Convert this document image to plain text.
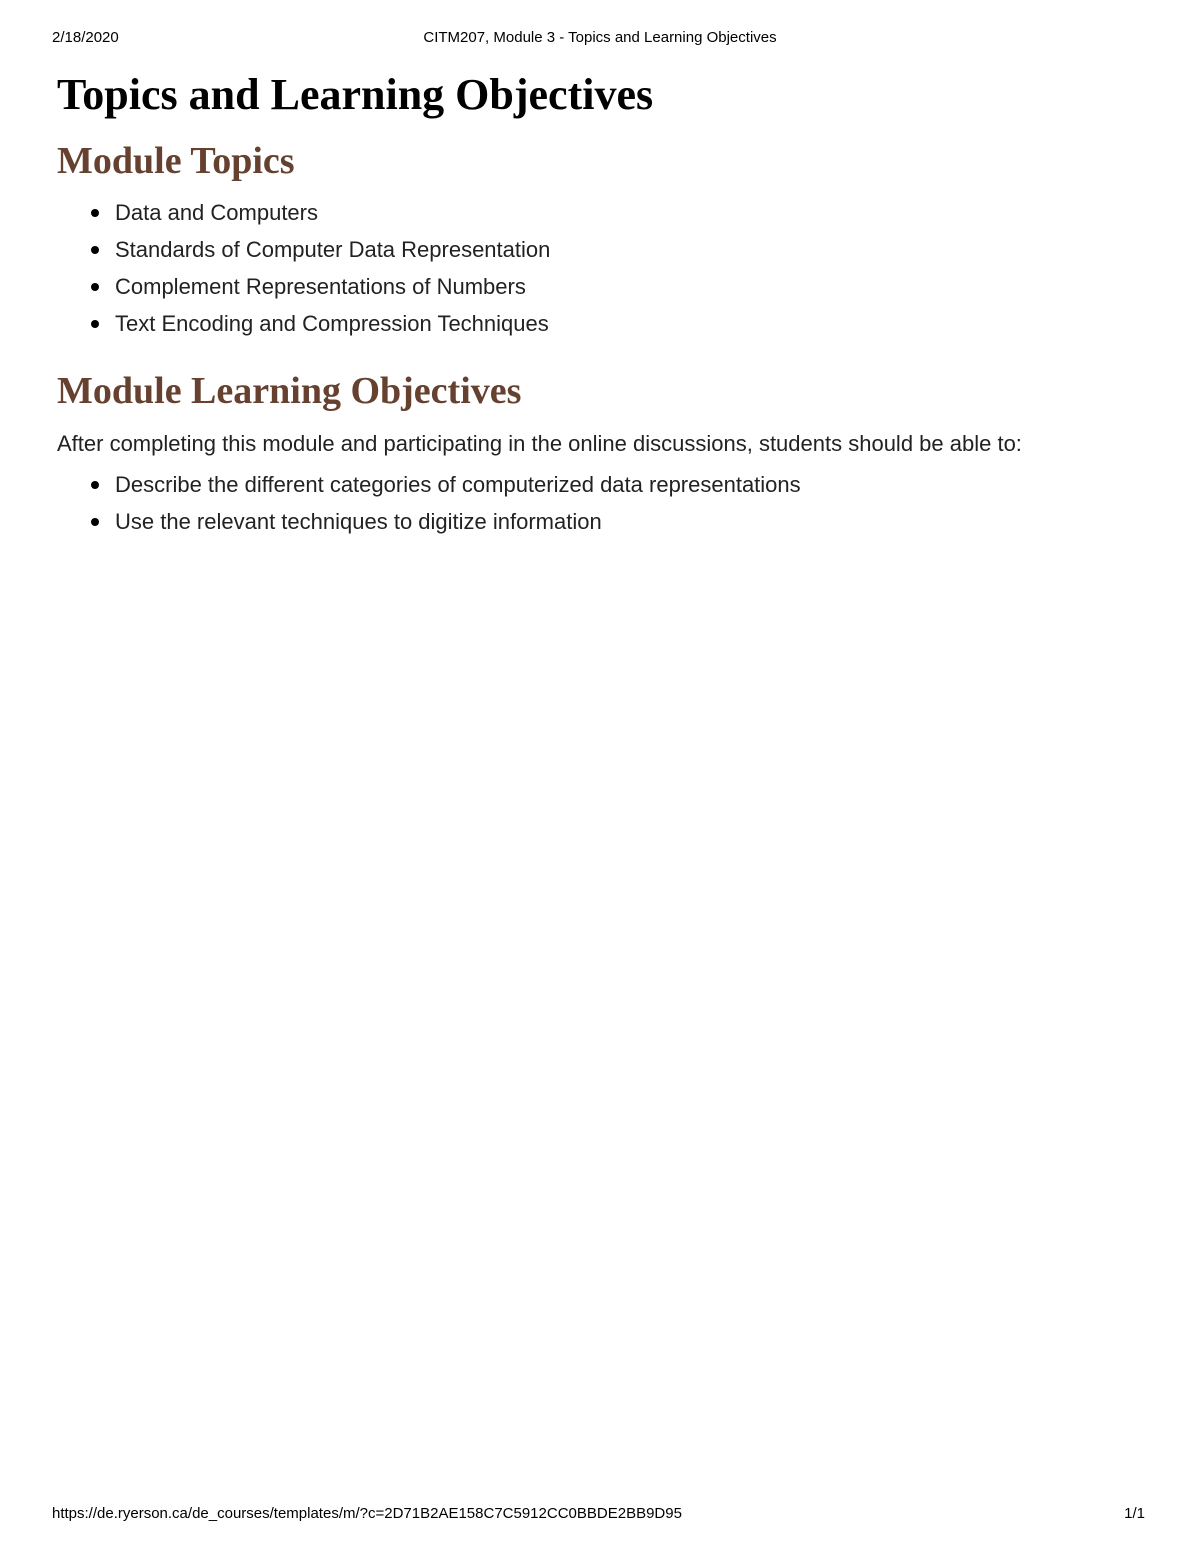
2/18/2020	CITM207, Module 3 - Topics and Learning Objectives
Topics and Learning Objectives
Module Topics
Data and Computers
Standards of Computer Data Representation
Complement Representations of Numbers
Text Encoding and Compression Techniques
Module Learning Objectives

After completing this module and participating in the online discussions, students should be able to:

Describe the different categories of computerized data representations
Use the relevant techniques to digitize information
https://de.ryerson.ca/de_courses/templates/m/?c=2D71B2AE158C7C5912CC0BBDE2BB9D95	1/1
